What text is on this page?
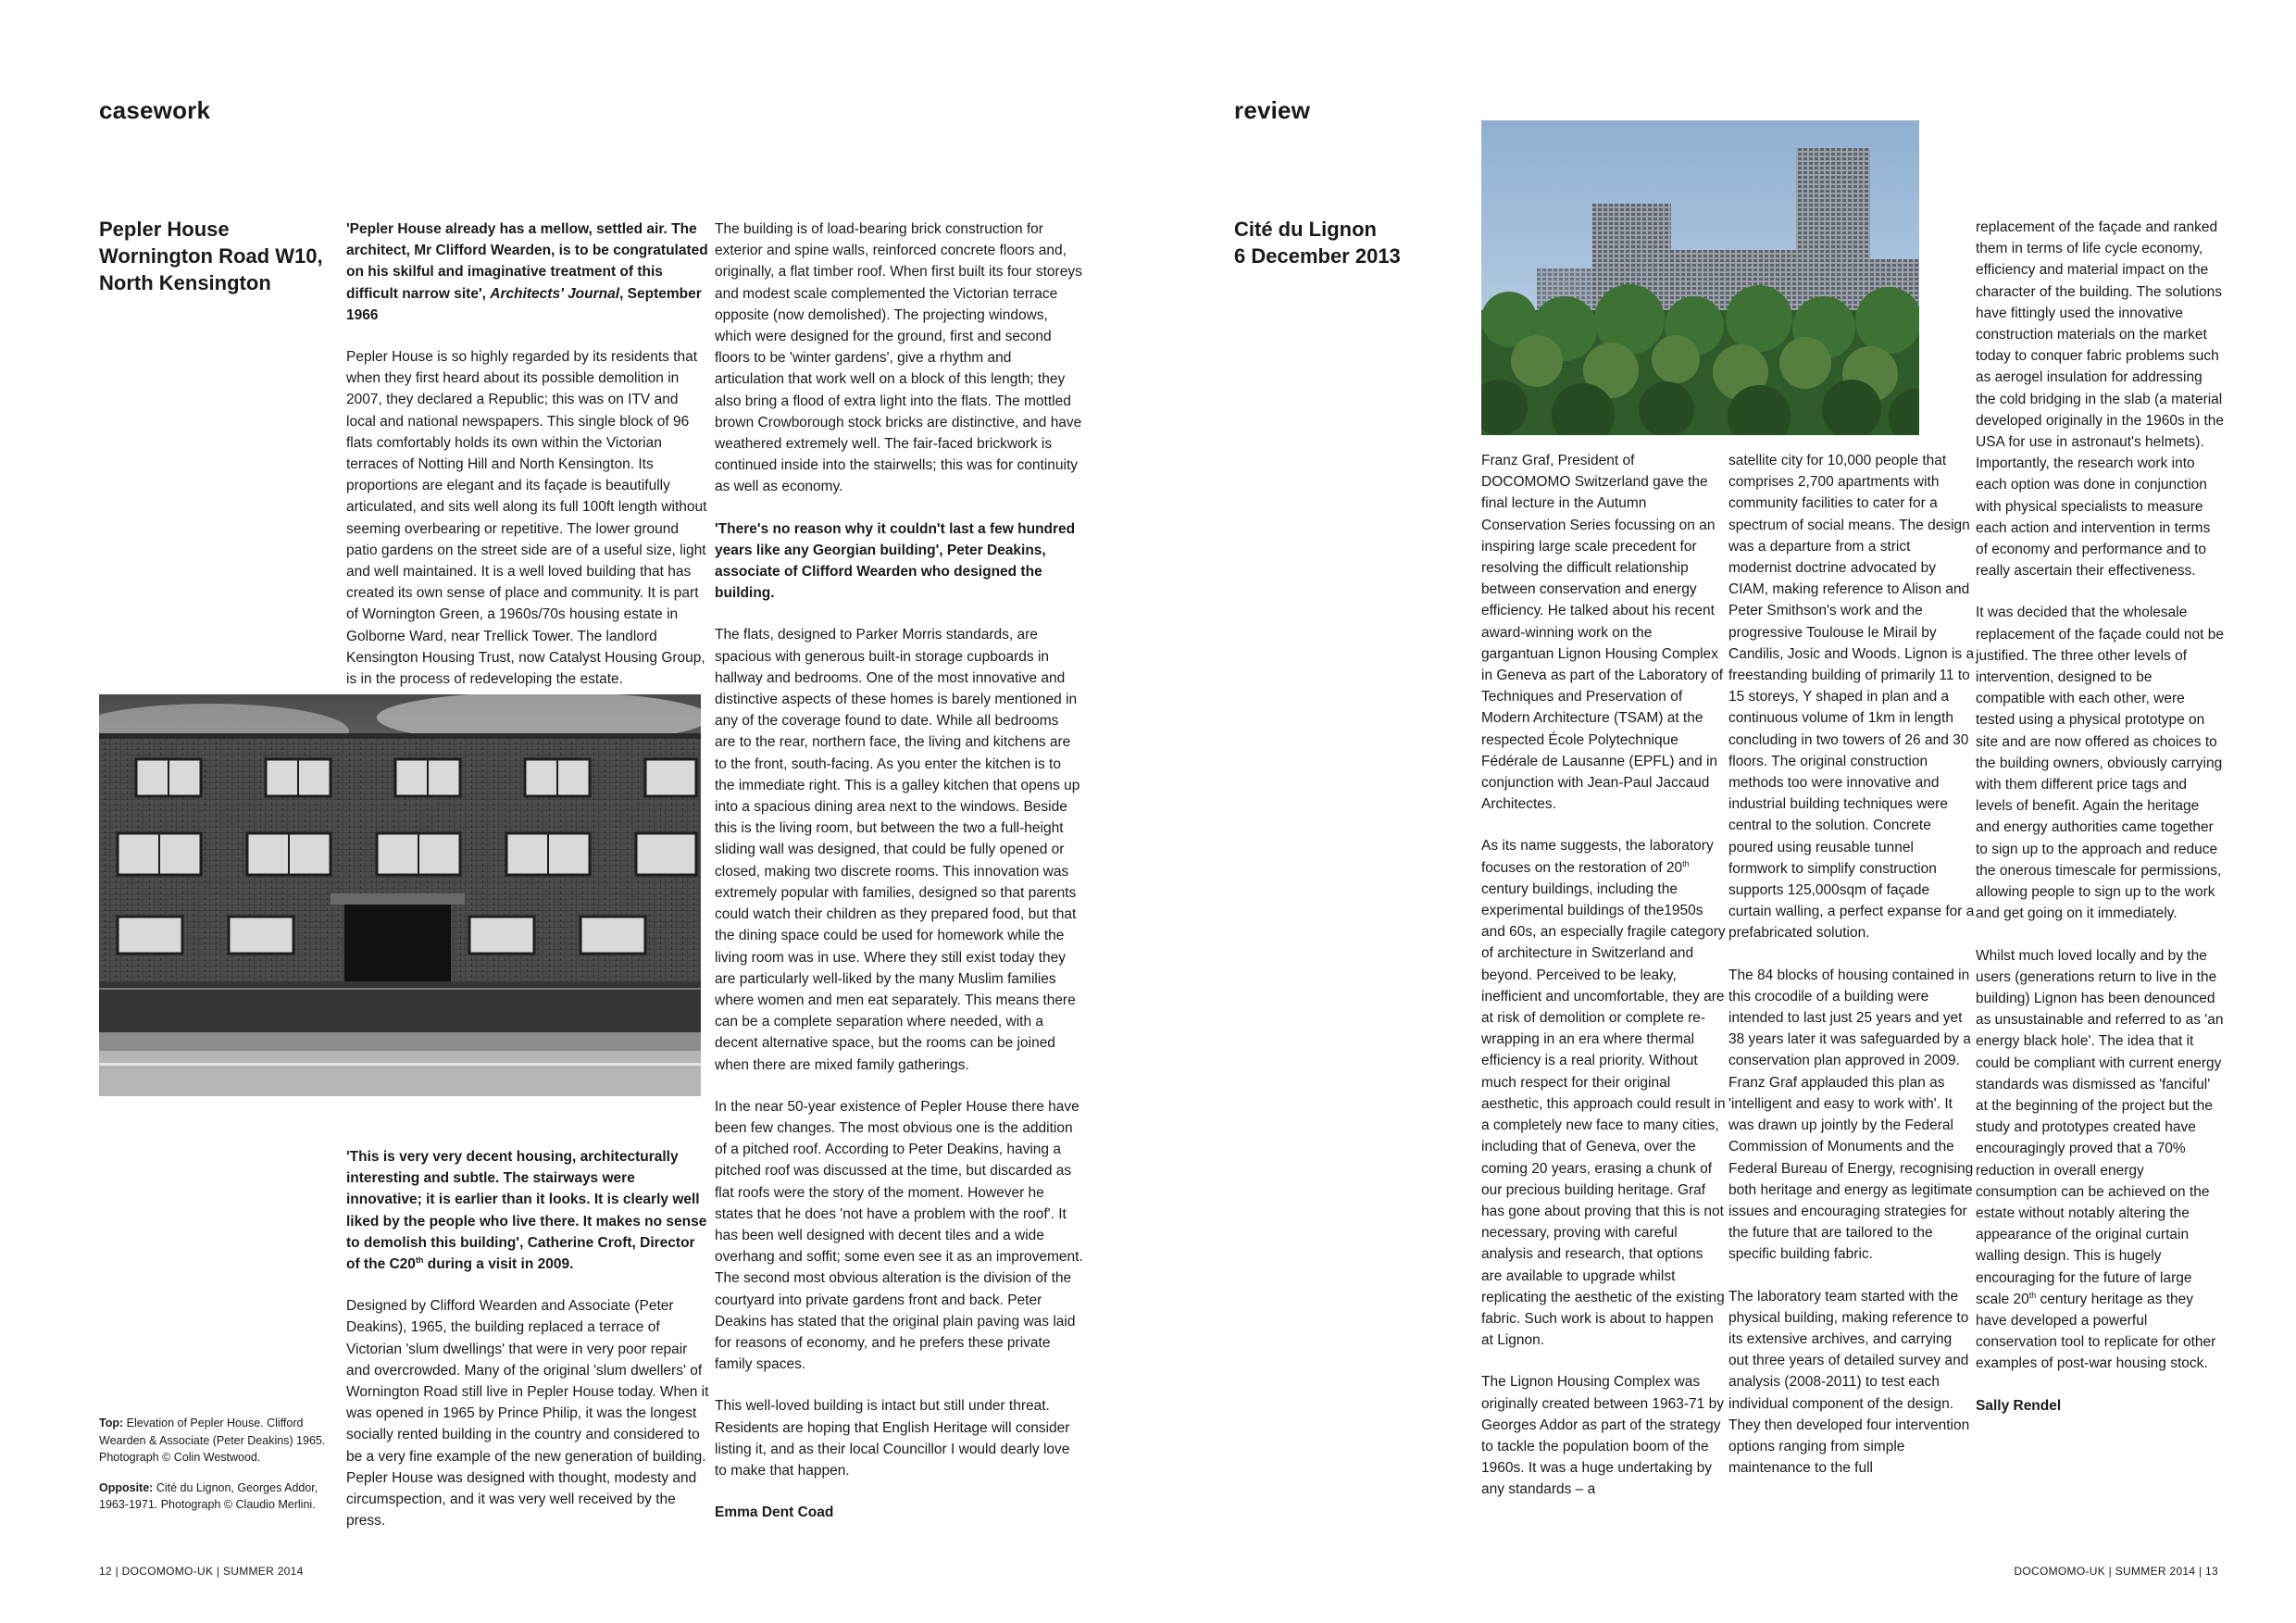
casework
Pepler House
Wornington Road W10,
North Kensington

'Pepler House already has a mellow, settled air. The architect, Mr Clifford Wearden, is to be congratulated on his skilful and imaginative treatment of this difficult narrow site', Architects' Journal, September 1966

Pepler House is so highly regarded by its residents that when they first heard about its possible demolition in 2007, they declared a Republic; this was on ITV and local and national newspapers. This single block of 96 flats comfortably holds its own within the Victorian terraces of Notting Hill and North Kensington. Its proportions are elegant and its façade is beautifully articulated, and sits well along its full 100ft length without seeming overbearing or repetitive. The lower ground patio gardens on the street side are of a useful size, light and well maintained. It is a well loved building that has created its own sense of place and community. It is part of Wornington Green, a 1960s/70s housing estate in Golborne Ward, near Trellick Tower. The landlord Kensington Housing Trust, now Catalyst Housing Group, is in the process of redeveloping the estate.

'This is very very decent housing, architecturally interesting and subtle. The stairways were innovative; it is earlier than it looks. It is clearly well liked by the people who live there. It makes no sense to demolish this building', Catherine Croft, Director of the C20th during a visit in 2009.

Designed by Clifford Wearden and Associate (Peter Deakins), 1965, the building replaced a terrace of Victorian 'slum dwellings' that were in very poor repair and overcrowded. Many of the original 'slum dwellers' of Wornington Road still live in Pepler House today. When it was opened in 1965 by Prince Philip, it was the longest socially rented building in the country and considered to be a very fine example of the new generation of building. Pepler House was designed with thought, modesty and circumspection, and it was very well received by the press.

The building is of load-bearing brick construction for exterior and spine walls, reinforced concrete floors and, originally, a flat timber roof. When first built its four storeys and modest scale complemented the Victorian terrace opposite (now demolished). The projecting windows, which were designed for the ground, first and second floors to be 'winter gardens', give a rhythm and articulation that work well on a block of this length; they also bring a flood of extra light into the flats. The mottled brown Crowborough stock bricks are distinctive, and have weathered extremely well. The fair-faced brickwork is continued inside into the stairwells; this was for continuity as well as economy.

'There's no reason why it couldn't last a few hundred years like any Georgian building', Peter Deakins, associate of Clifford Wearden who designed the building.

The flats, designed to Parker Morris standards, are spacious with generous built-in storage cupboards in hallway and bedrooms. One of the most innovative and distinctive aspects of these homes is barely mentioned in any of the coverage found to date. While all bedrooms are to the rear, northern face, the living and kitchens are to the front, south-facing. As you enter the kitchen is to the immediate right. This is a galley kitchen that opens up into a spacious dining area next to the windows. Beside this is the living room, but between the two a full-height sliding wall was designed, that could be fully opened or closed, making two discrete rooms. This innovation was extremely popular with families, designed so that parents could watch their children as they prepared food, but that the dining space could be used for homework while the living room was in use. Where they still exist today they are particularly well-liked by the many Muslim families where women and men eat separately. This means there can be a complete separation where needed, with a decent alternative space, but the rooms can be joined when there are mixed family gatherings.

In the near 50-year existence of Pepler House there have been few changes. The most obvious one is the addition of a pitched roof. According to Peter Deakins, having a pitched roof was discussed at the time, but discarded as flat roofs were the story of the moment. However he states that he does 'not have a problem with the roof'. It has been well designed with decent tiles and a wide overhang and soffit; some even see it as an improvement. The second most obvious alteration is the division of the courtyard into private gardens front and back. Peter Deakins has stated that the original plain paving was laid for reasons of economy, and he prefers these private family spaces.

This well-loved building is intact but still under threat. Residents are hoping that English Heritage will consider listing it, and as their local Councillor I would dearly love to make that happen.

Emma Dent Coad

Top: Elevation of Pepler House. Clifford Wearden & Associate (Peter Deakins) 1965. Photograph © Colin Westwood.

Opposite: Cité du Lignon, Georges Addor, 1963-1971. Photograph © Claudio Merlini.

12 | DOCOMOMO-UK | SUMMER 2014
review
Cité du Lignon
6 December 2013

Franz Graf, President of DOCOMOMO Switzerland gave the final lecture in the Autumn Conservation Series focussing on an inspiring large scale precedent for resolving the difficult relationship between conservation and energy efficiency. He talked about his recent award-winning work on the gargantuan Lignon Housing Complex in Geneva as part of the Laboratory of Techniques and Preservation of Modern Architecture (TSAM) at the respected École Polytechnique Fédérale de Lausanne (EPFL) and in conjunction with Jean-Paul Jaccaud Architectes.

As its name suggests, the laboratory focuses on the restoration of 20th century buildings, including the experimental buildings of the1950s and 60s, an especially fragile category of architecture in Switzerland and beyond. Perceived to be leaky, inefficient and uncomfortable, they are at risk of demolition or complete re-wrapping in an era where thermal efficiency is a real priority. Without much respect for their original aesthetic, this approach could result in a completely new face to many cities, including that of Geneva, over the coming 20 years, erasing a chunk of our precious building heritage. Graf has gone about proving that this is not necessary, proving with careful analysis and research, that options are available to upgrade whilst replicating the aesthetic of the existing fabric. Such work is about to happen at Lignon.

The Lignon Housing Complex was originally created between 1963-71 by Georges Addor as part of the strategy to tackle the population boom of the 1960s. It was a huge undertaking by any standards – a

satellite city for 10,000 people that comprises 2,700 apartments with community facilities to cater for a spectrum of social means. The design was a departure from a strict modernist doctrine advocated by CIAM, making reference to Alison and Peter Smithson's work and the progressive Toulouse le Mirail by Candilis, Josic and Woods. Lignon is a freestanding building of primarily 11 to 15 storeys, Y shaped in plan and a continuous volume of 1km in length concluding in two towers of 26 and 30 floors. The original construction methods too were innovative and industrial building techniques were central to the solution. Concrete poured using reusable tunnel formwork to simplify construction supports 125,000sqm of façade curtain walling, a perfect expanse for a prefabricated solution.

The 84 blocks of housing contained in this crocodile of a building were intended to last just 25 years and yet 38 years later it was safeguarded by a conservation plan approved in 2009. Franz Graf applauded this plan as 'intelligent and easy to work with'. It was drawn up jointly by the Federal Commission of Monuments and the Federal Bureau of Energy, recognising both heritage and energy as legitimate issues and encouraging strategies for the future that are tailored to the specific building fabric.

The laboratory team started with the physical building, making reference to its extensive archives, and carrying out three years of detailed survey and analysis (2008-2011) to test each individual component of the design. They then developed four intervention options ranging from simple maintenance to the full

replacement of the façade and ranked them in terms of life cycle economy, efficiency and material impact on the character of the building. The solutions have fittingly used the innovative construction materials on the market today to conquer fabric problems such as aerogel insulation for addressing the cold bridging in the slab (a material developed originally in the 1960s in the USA for use in astronaut's helmets). Importantly, the research work into each option was done in conjunction with physical specialists to measure each action and intervention in terms of economy and performance and to really ascertain their effectiveness.

It was decided that the wholesale replacement of the façade could not be justified. The three other levels of intervention, designed to be compatible with each other, were tested using a physical prototype on site and are now offered as choices to the building owners, obviously carrying with them different price tags and levels of benefit. Again the heritage and energy authorities came together to sign up to the approach and reduce the onerous timescale for permissions, allowing people to sign up to the work and get going on it immediately.

Whilst much loved locally and by the users (generations return to live in the building) Lignon has been denounced as unsustainable and referred to as 'an energy black hole'. The idea that it could be compliant with current energy standards was dismissed as 'fanciful' at the beginning of the project but the study and prototypes created have encouragingly proved that a 70% reduction in overall energy consumption can be achieved on the estate without notably altering the appearance of the original curtain walling design. This is hugely encouraging for the future of large scale 20th century heritage as they have developed a powerful conservation tool to replicate for other examples of post-war housing stock.

Sally Rendel

DOCOMOMO-UK | SUMMER 2014 | 13
